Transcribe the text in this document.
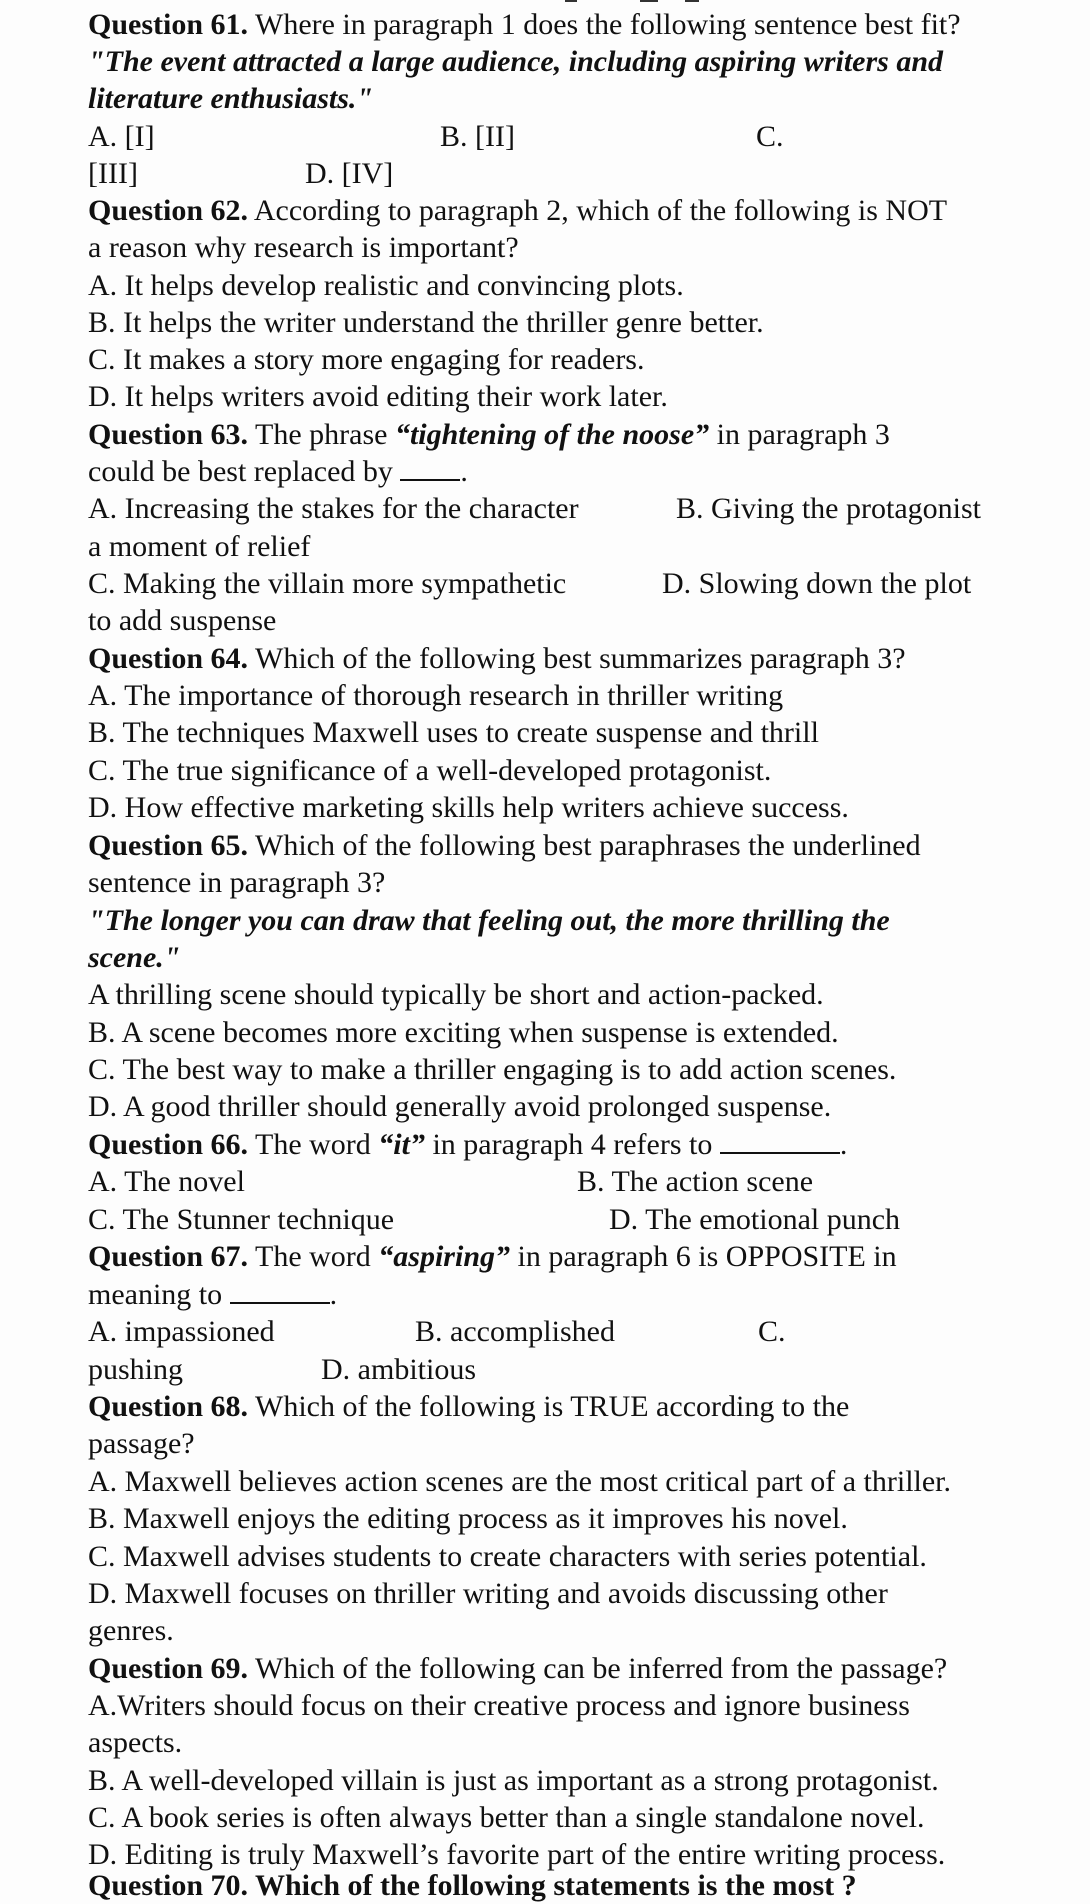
Question 61. Where in paragraph 1 does the following sentence best fit?
"The event attracted a large audience, including aspiring writers and
literature enthusiasts."
A. [I]	B. [II]	C.
[III]	D. [IV]
Question 62. According to paragraph 2, which of the following is NOT
a reason why research is important?
A. It helps develop realistic and convincing plots.
B. It helps the writer understand the thriller genre better.
C. It makes a story more engaging for readers.
D. It helps writers avoid editing their work later.
Question 63. The phrase “tightening of the noose” in paragraph 3
could be best replaced by .
A. Increasing the stakes for the character	B. Giving the protagonist
a moment of relief
C. Making the villain more sympathetic	D. Slowing down the plot
to add suspense
Question 64. Which of the following best summarizes paragraph 3?
A. The importance of thorough research in thriller writing
B. The techniques Maxwell uses to create suspense and thrill
C. The true significance of a well-developed protagonist.
D. How effective marketing skills help writers achieve success.
Question 65. Which of the following best paraphrases the underlined
sentence in paragraph 3?
"The longer you can draw that feeling out, the more thrilling the
scene."
A thrilling scene should typically be short and action-packed.
B. A scene becomes more exciting when suspense is extended.
C. The best way to make a thriller engaging is to add action scenes.
D. A good thriller should generally avoid prolonged suspense.
Question 66. The word “it” in paragraph 4 refers to	.
A. The novel	B. The action scene
C. The Stunner technique	D. The emotional punch
Question 67. The word “aspiring” in paragraph 6 is OPPOSITE in
meaning to	.
A. impassioned	B. accomplished	C.
pushing	D. ambitious
Question 68. Which of the following is TRUE according to the
passage?
A. Maxwell believes action scenes are the most critical part of a thriller.
B. Maxwell enjoys the editing process as it improves his novel.
C. Maxwell advises students to create characters with series potential.
D. Maxwell focuses on thriller writing and avoids discussing other
genres.
Question 69. Which of the following can be inferred from the passage?
A.Writers should focus on their creative process and ignore business
aspects.
B. A well-developed villain is just as important as a strong protagonist.
C. A book series is often always better than a single standalone novel.
D. Editing is truly Maxwell’s favorite part of the entire writing process.
Question 70. Which of the following statements is the most ?
